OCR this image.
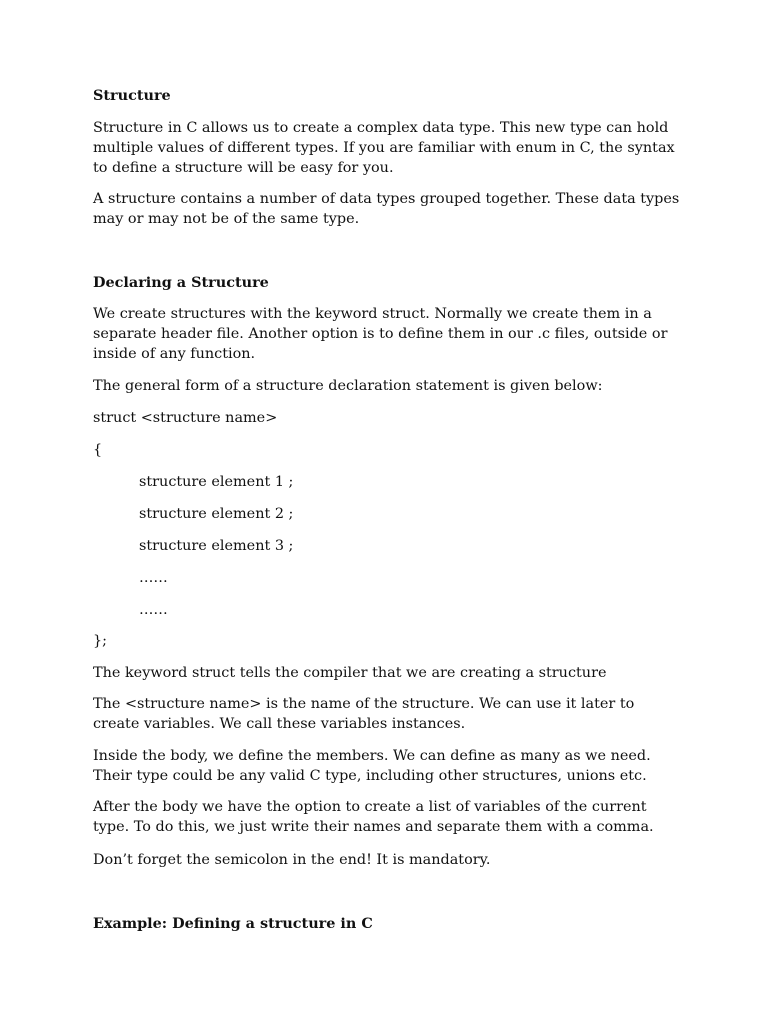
Structure

Structure in C allows us to create a complex data type. This new type can hold multiple values of different types. If you are familiar with enum in C, the syntax to define a structure will be easy for you.

A structure contains a number of data types grouped together. These data types may or may not be of the same type.

Declaring a Structure

We create structures with the keyword struct. Normally we create them in a separate header file. Another option is to define them in our .c files, outside or inside of any function.

The general form of a structure declaration statement is given below:

struct <structure name>

{

structure element 1 ;

structure element 2 ;

structure element 3 ;

……

……

};

The keyword struct tells the compiler that we are creating a structure

The <structure name> is the name of the structure. We can use it later to create variables. We call these variables instances.

Inside the body, we define the members. We can define as many as we need. Their type could be any valid C type, including other structures, unions etc.

After the body we have the option to create a list of variables of the current type. To do this, we just write their names and separate them with a comma.

Don’t forget the semicolon in the end! It is mandatory.

Example: Defining a structure in C
